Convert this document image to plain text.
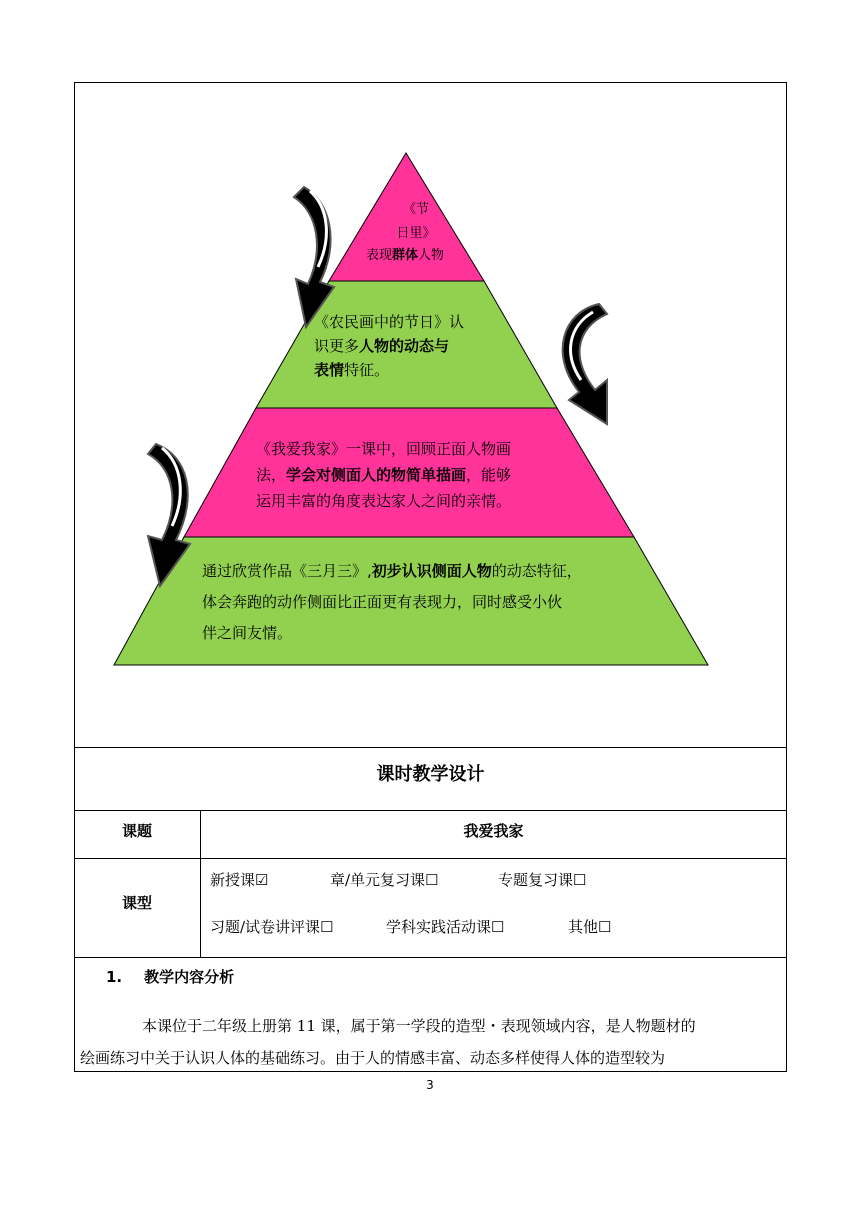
《节
日里》
表现群体人物
《农民画中的节日》认
识更多人物的动态与
表情特征。
《我爱我家》一课中，回顾正面人物画
法，学会对侧面人的物简单描画，能够
运用丰富的角度表达家人之间的亲情。
通过欣赏作品《三月三》,初步认识侧面人物的动态特征，
体会奔跑的动作侧面比正面更有表现力，同时感受小伙
伴之间友情。
课时教学设计
课题	我爱我家
课型
新授课☑	章/单元复习课☐	专题复习课☐
习题/试卷讲评课☐	学科实践活动课☐	其他☐
1. 教学内容分析
本课位于二年级上册第 11 课，属于第一学段的造型・表现领域内容，是人物题材的
绘画练习中关于认识人体的基础练习。由于人的情感丰富、动态多样使得人体的造型较为
3
